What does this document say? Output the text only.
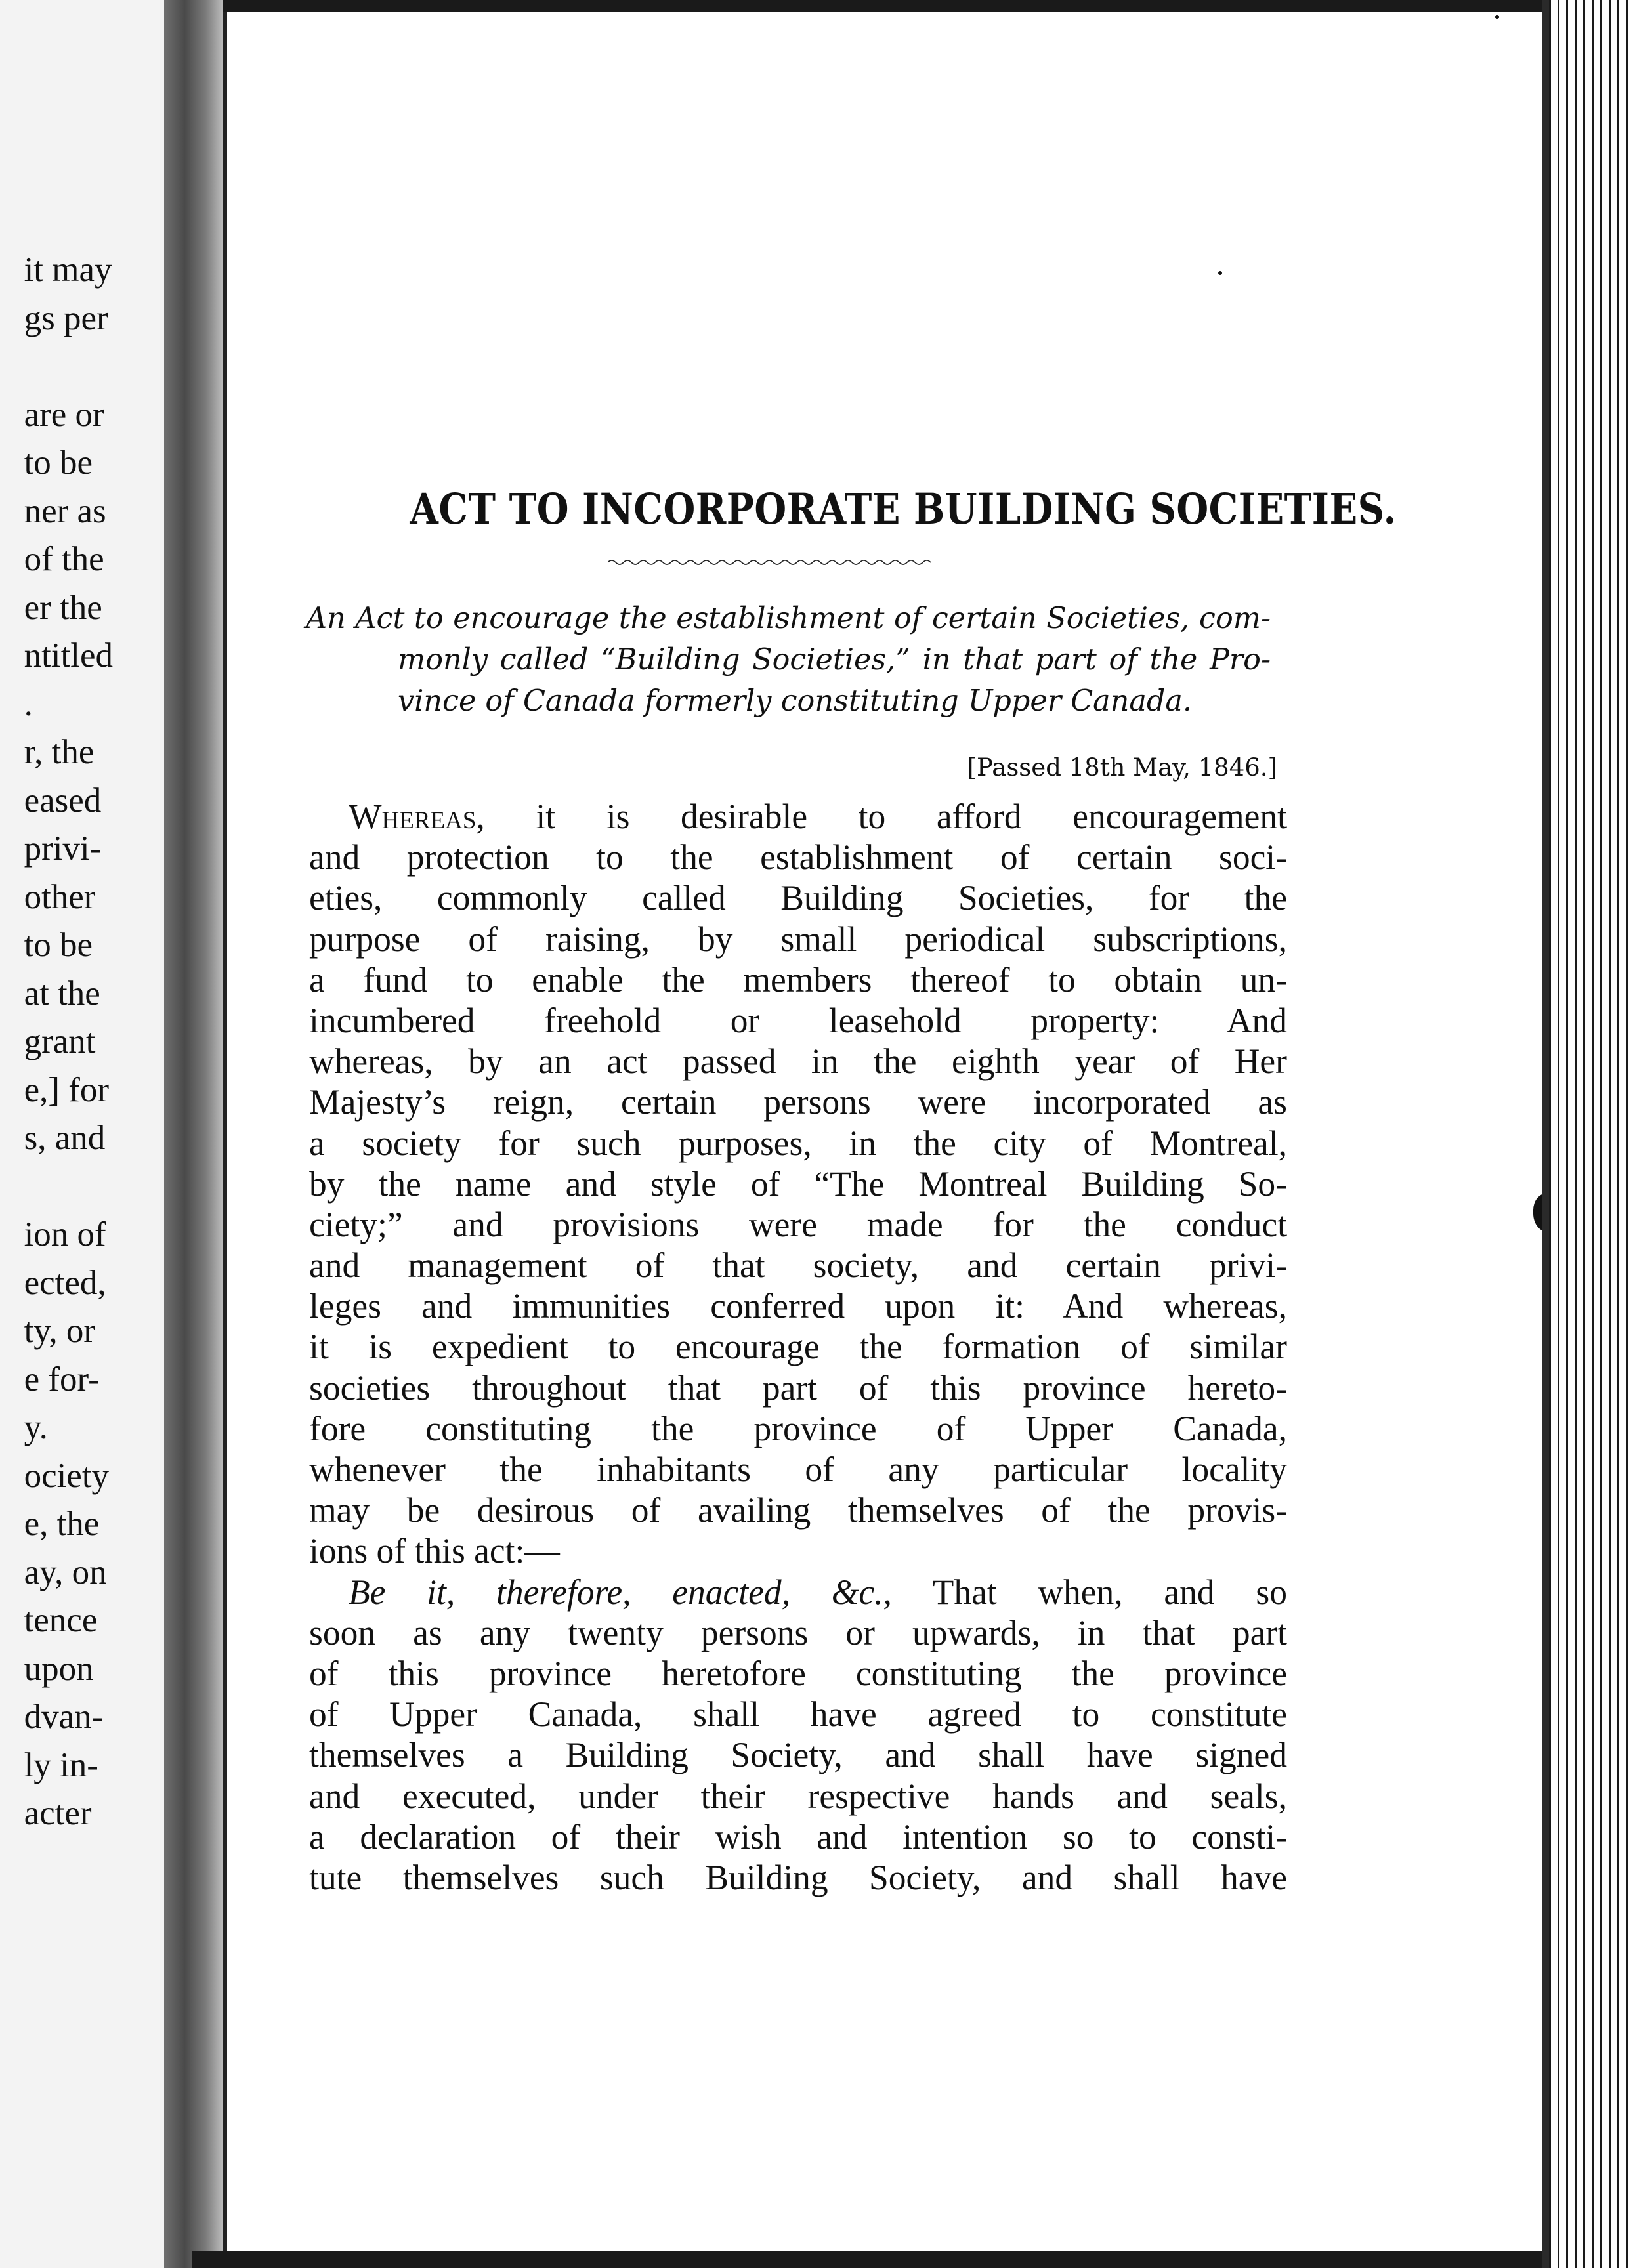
it may
gs per
are or
to be
ner as
of the
er the
ntitled
.
r, the
eased
privi-
other
to be
at the
grant
e,] for
s, and
ion of
ected,
ty, or
e for-
y.
ociety
e, the
ay, on
tence
upon
dvan-
ly in-
acter
ACT TO INCORPORATE BUILDING SOCIETIES.
An Act to encourage the establishment of certain Societies, com-
monly called “Building Societies,” in that part of the Pro-
vince of Canada formerly constituting Upper Canada.
[Passed 18th May, 1846.]
Whereas, it is desirable to afford encouragement
and protection to the establishment of certain soci-
eties, commonly called Building Societies, for the
purpose of raising, by small periodical subscriptions,
a fund to enable the members thereof to obtain un-
incumbered freehold or leasehold property: And
whereas, by an act passed in the eighth year of Her
Majesty’s reign, certain persons were incorporated as
a society for such purposes, in the city of Montreal,
by the name and style of “The Montreal Building So-
ciety;” and provisions were made for the conduct
and management of that society, and certain privi-
leges and immunities conferred upon it: And whereas,
it is expedient to encourage the formation of similar
societies throughout that part of this province hereto-
fore constituting the province of Upper Canada,
whenever the inhabitants of any particular locality
may be desirous of availing themselves of the provis-
ions of this act:—
Be it, therefore, enacted, &c., That when, and so
soon as any twenty persons or upwards, in that part
of this province heretofore constituting the province
of Upper Canada, shall have agreed to constitute
themselves a Building Society, and shall have signed
and executed, under their respective hands and seals,
a declaration of their wish and intention so to consti-
tute themselves such Building Society, and shall have
